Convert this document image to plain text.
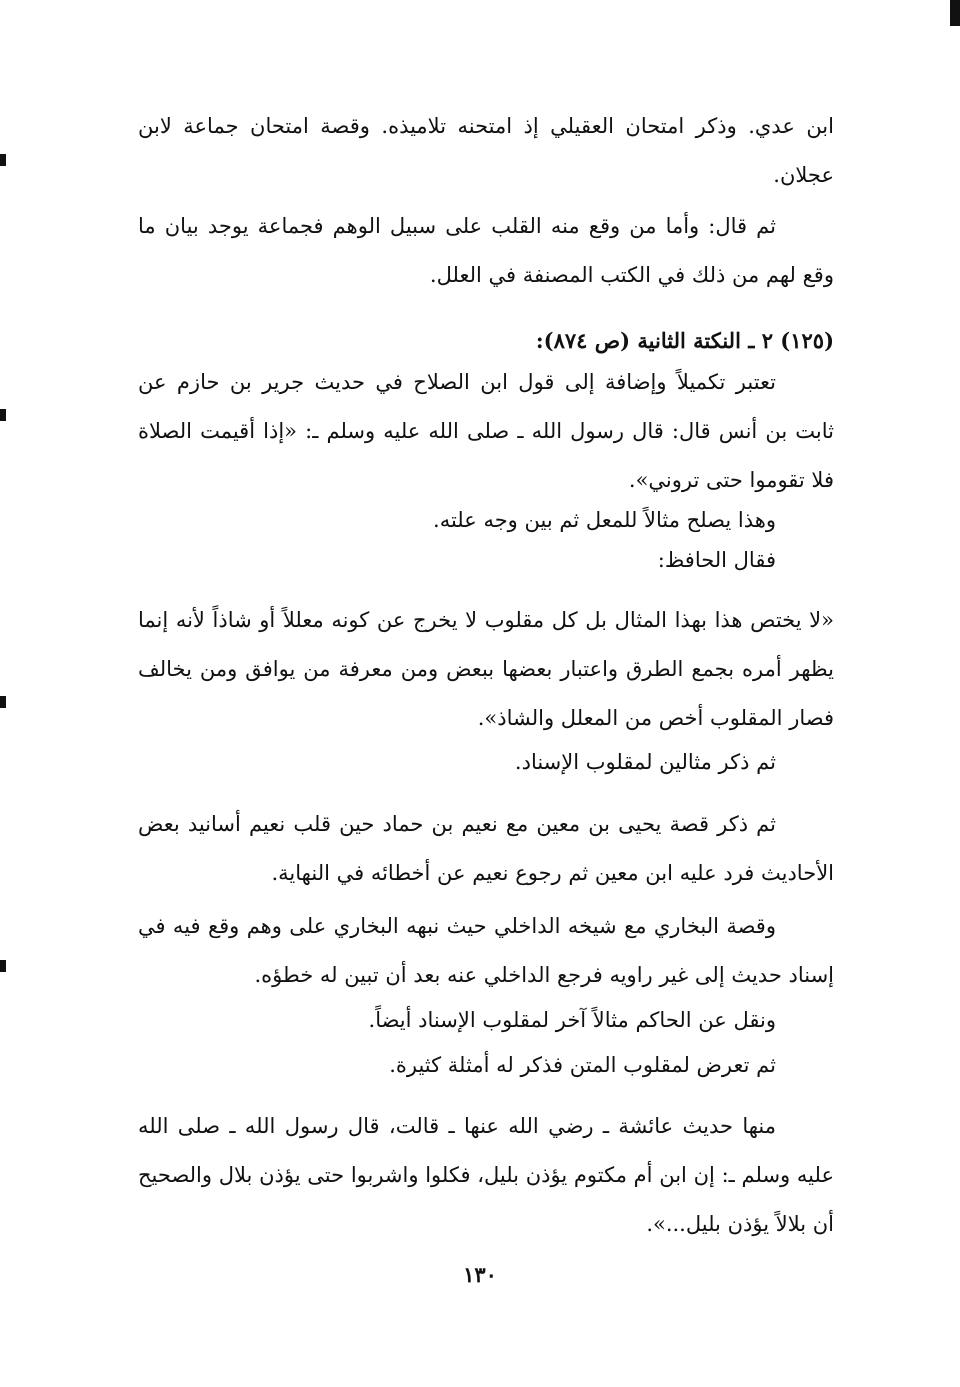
ابن عدي. وذكر امتحان العقيلي إذ امتحنه تلاميذه. وقصة امتحان جماعة لابن عجلان.
ثم قال: وأما من وقع منه القلب على سبيل الوهم فجماعة يوجد بيان ما وقع لهم من ذلك في الكتب المصنفة في العلل.
(١٢٥) ٢ ـ النكتة الثانية (ص ٨٧٤):
تعتبر تكميلاً وإضافة إلى قول ابن الصلاح في حديث جرير بن حازم عن ثابت بن أنس قال: قال رسول الله ـ صلى الله عليه وسلم ـ: «إذا أقيمت الصلاة فلا تقوموا حتى تروني».
وهذا يصلح مثالاً للمعل ثم بين وجه علته.
فقال الحافظ:
«لا يختص هذا بهذا المثال بل كل مقلوب لا يخرج عن كونه معللاً أو شاذاً لأنه إنما يظهر أمره بجمع الطرق واعتبار بعضها ببعض ومن معرفة من يوافق ومن يخالف فصار المقلوب أخص من المعلل والشاذ».
ثم ذكر مثالين لمقلوب الإسناد.
ثم ذكر قصة يحيى بن معين مع نعيم بن حماد حين قلب نعيم أسانيد بعض الأحاديث فرد عليه ابن معين ثم رجوع نعيم عن أخطائه في النهاية.
وقصة البخاري مع شيخه الداخلي حيث نبهه البخاري على وهم وقع فيه في إسناد حديث إلى غير راويه فرجع الداخلي عنه بعد أن تبين له خطؤه.
ونقل عن الحاكم مثالاً آخر لمقلوب الإسناد أيضاً.
ثم تعرض لمقلوب المتن فذكر له أمثلة كثيرة.
منها حديث عائشة ـ رضي الله عنها ـ قالت، قال رسول الله ـ صلى الله عليه وسلم ـ: إن ابن أم مكتوم يؤذن بليل، فكلوا واشربوا حتى يؤذن بلال والصحيح أن بلالاً يؤذن بليل...».
١٣٠
